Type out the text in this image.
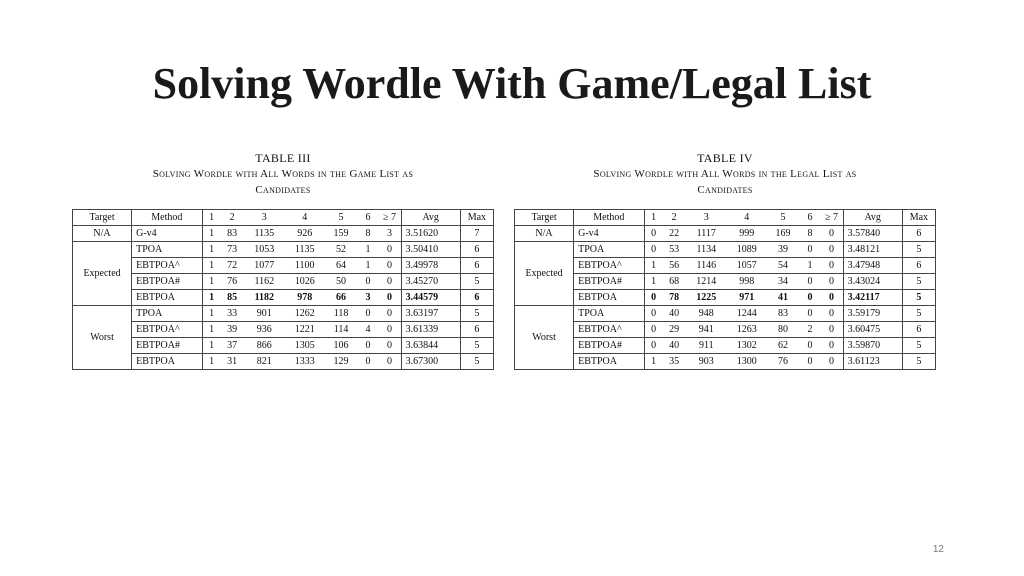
Solving Wordle With Game/Legal List
TABLE III
Solving Wordle with All Words in the Game List as
Candidates
Target	Method	1	2	3	4	5	6	≥ 7	Avg	Max
N/A	G-v4	1	83	1135	926	159	8	3	3.51620	7
Expected	TPOA	1	73	1053	1135	52	1	0	3.50410	6
	EBTPOA^	1	72	1077	1100	64	1	0	3.49978	6
	EBTPOA#	1	76	1162	1026	50	0	0	3.45270	5
	EBTPOA	1	85	1182	978	66	3	0	3.44579	6
Worst	TPOA	1	33	901	1262	118	0	0	3.63197	5
	EBTPOA^	1	39	936	1221	114	4	0	3.61339	6
	EBTPOA#	1	37	866	1305	106	0	0	3.63844	5
	EBTPOA	1	31	821	1333	129	0	0	3.67300	5
TABLE IV
Solving Wordle with All Words in the Legal List as
Candidates
Target	Method	1	2	3	4	5	6	≥ 7	Avg	Max
N/A	G-v4	0	22	1117	999	169	8	0	3.57840	6
Expected	TPOA	0	53	1134	1089	39	0	0	3.48121	5
	EBTPOA^	1	56	1146	1057	54	1	0	3.47948	6
	EBTPOA#	1	68	1214	998	34	0	0	3.43024	5
	EBTPOA	0	78	1225	971	41	0	0	3.42117	5
Worst	TPOA	0	40	948	1244	83	0	0	3.59179	5
	EBTPOA^	0	29	941	1263	80	2	0	3.60475	6
	EBTPOA#	0	40	911	1302	62	0	0	3.59870	5
	EBTPOA	1	35	903	1300	76	0	0	3.61123	5
12
